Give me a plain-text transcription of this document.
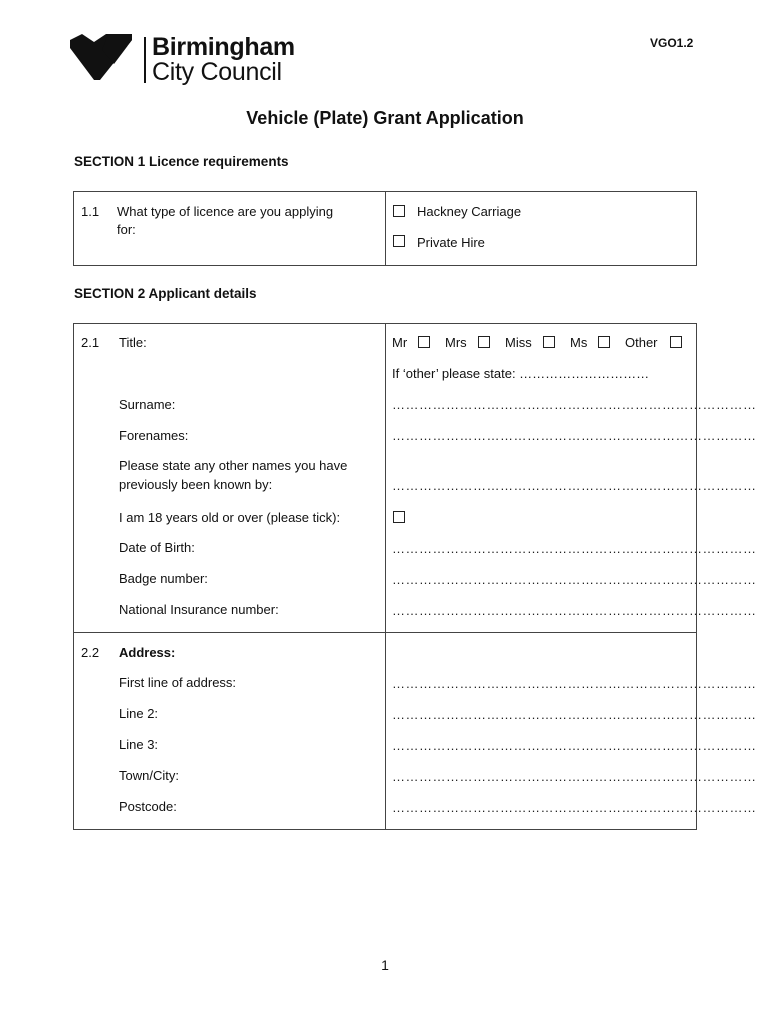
Birmingham
City Council
VGO1.2
Vehicle (Plate) Grant Application
SECTION 1 Licence requirements
1.1 What type of licence are you applying
for:
Hackney Carriage
Private Hire
SECTION 2 Applicant details
2.1 Title:	Mr	Mrs	Miss	Ms	Other
If ‘other’ please state: …………………………
Surname:	………………………………………………………………………
Forenames:	………………………………………………………………………
Please state any other names you have
previously been known by:	………………………………………………………………………
I am 18 years old or over (please tick):
Date of Birth:	………………………………………………………………………
Badge number:	………………………………………………………………………
National Insurance number:	………………………………………………………………………
2.2 Address:
First line of address:	………………………………………………………………………
Line 2:	………………………………………………………………………
Line 3:	………………………………………………………………………
Town/City:	………………………………………………………………………
Postcode:	………………………………………………………………………
1
